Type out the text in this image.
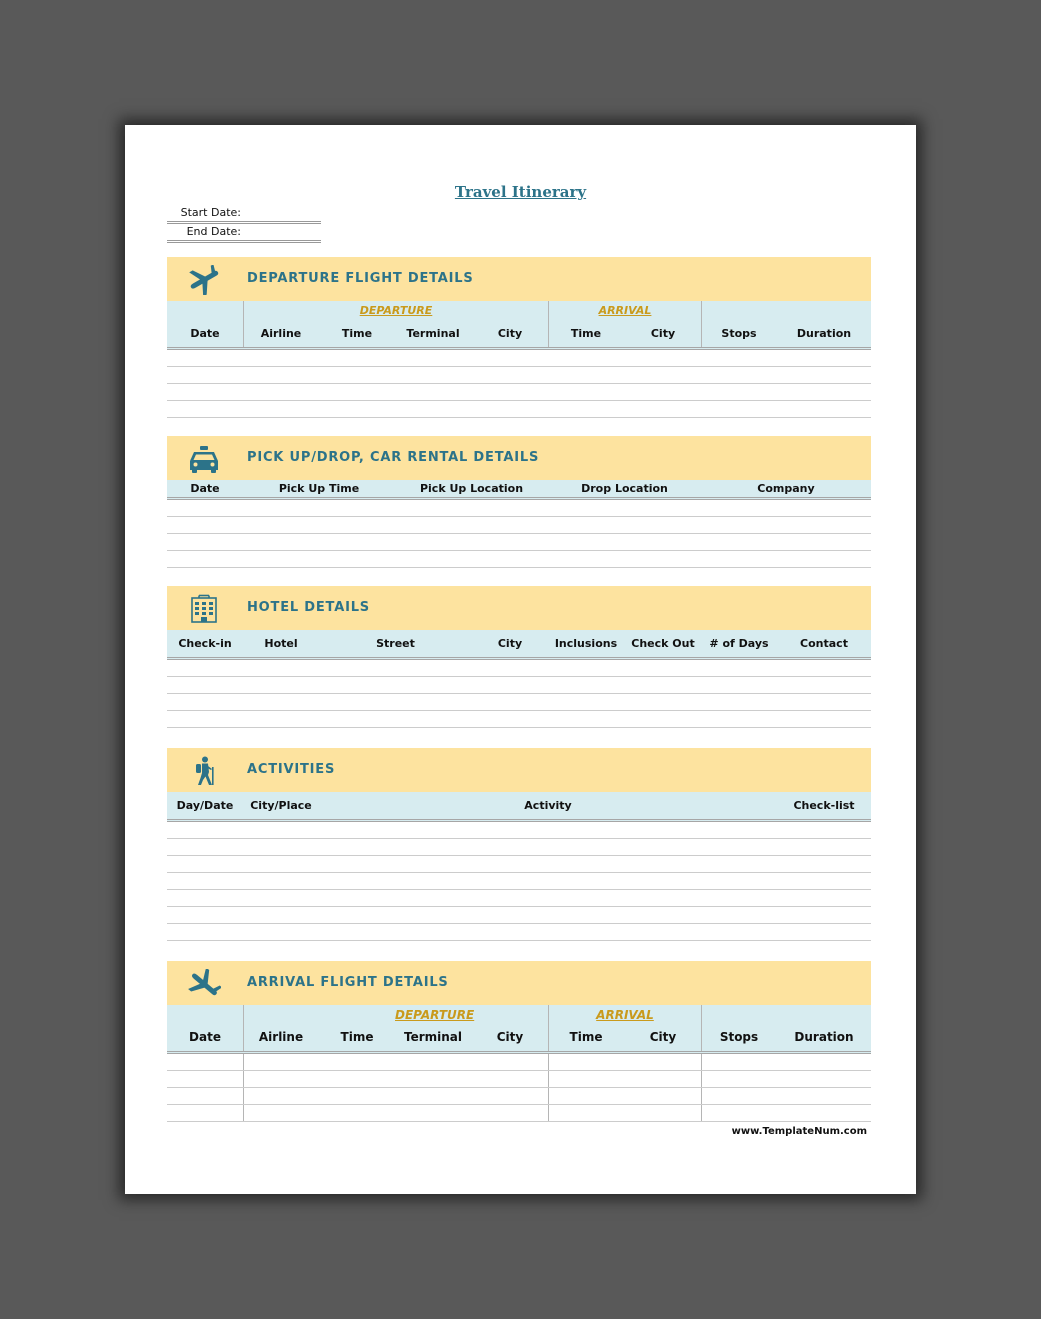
Travel Itinerary
Start Date:
End Date:
DEPARTURE FLIGHT DETAILS
DEPARTURE	ARRIVAL
Date	Airline	Time	Terminal	City	Time	City	Stops	Duration
PICK UP/DROP, CAR RENTAL DETAILS
Date	Pick Up Time	Pick Up Location	Drop Location	Company
HOTEL DETAILS
Check-in	Hotel	Street	City	Inclusions	Check Out	# of Days	Contact
ACTIVITIES
Day/Date	City/Place	Activity	Check-list
ARRIVAL FLIGHT DETAILS
DEPARTURE	ARRIVAL
Date	Airline	Time	Terminal	City	Time	City	Stops	Duration
www.TemplateNum.com
